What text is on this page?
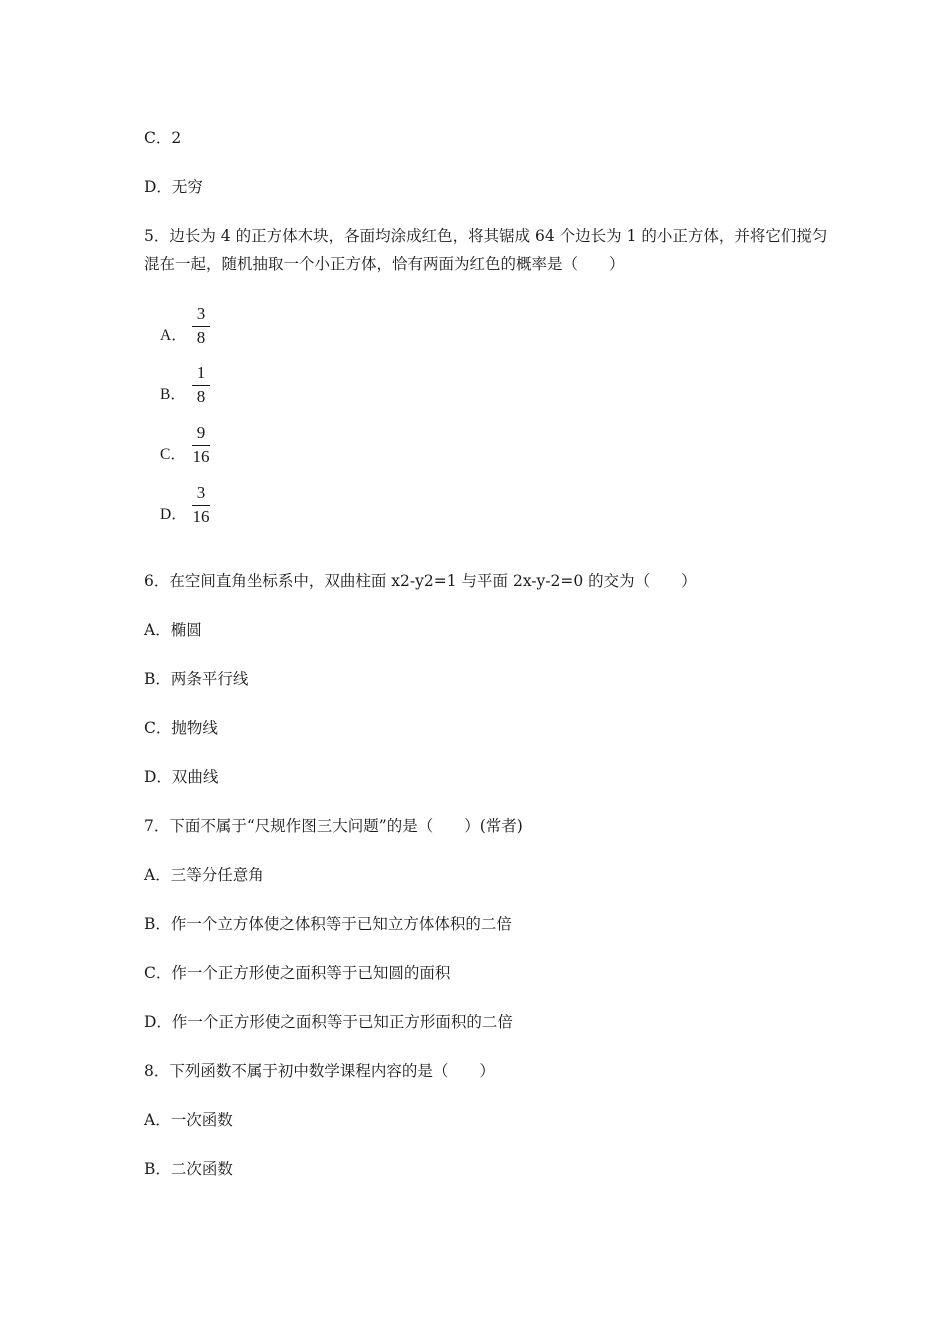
C．2
D．无穷
5．边长为 4 的正方体木块，各面均涂成红色，将其锯成 64 个边长为 1 的小正方体，并将它们搅匀混在一起，随机抽取一个小正方体，恰有两面为红色的概率是（　　）
A．
3
8
B．
1
8
C．
9
16
D．
3
16
6．在空间直角坐标系中，双曲柱面 x2-y2=1 与平面 2x-y-2=0 的交为（　　）
A．椭圆
B．两条平行线
C．抛物线
D．双曲线
7．下面不属于“尺规作图三大问题”的是（　　）(常者)
A．三等分任意角
B．作一个立方体使之体积等于已知立方体体积的二倍
C．作一个正方形使之面积等于已知圆的面积
D．作一个正方形使之面积等于已知正方形面积的二倍
8．下列函数不属于初中数学课程内容的是（　　）
A．一次函数
B．二次函数
